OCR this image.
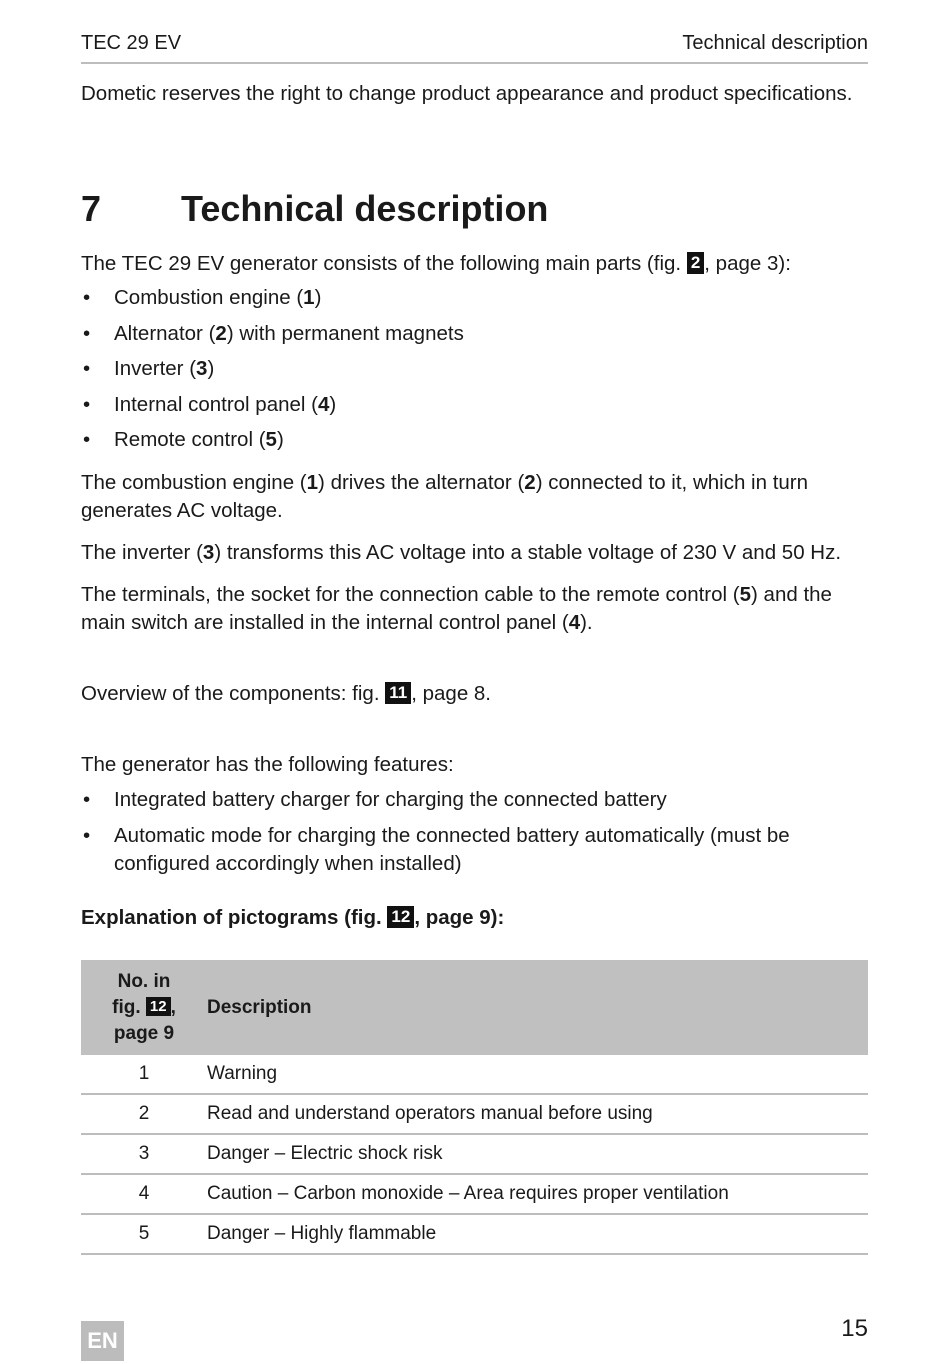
TEC 29 EV	Technical description

Dometic reserves the right to change product appearance and product specifications.

7 Technical description

The TEC 29 EV generator consists of the following main parts (fig. 2 , page 3):

• Combustion engine (1)
• Alternator (2) with permanent magnets
• Inverter (3)
• Internal control panel (4)
• Remote control (5)

The combustion engine (1) drives the alternator (2) connected to it, which in turn generates AC voltage.

The inverter (3) transforms this AC voltage into a stable voltage of 230 V and 50 Hz.

The terminals, the socket for the connection cable to the remote control (5) and the main switch are installed in the internal control panel (4).

Overview of the components: fig. 11 , page 8.

The generator has the following features:

• Integrated battery charger for charging the connected battery
• Automatic mode for charging the connected battery automatically (must be configured accordingly when installed)
Explanation of pictograms (fig. 12 , page 9):
No. in
fig. 12 ,
page 9	Description
1	Warning
2	Read and understand operators manual before using
3	Danger – Electric shock risk
4	Caution – Carbon monoxide – Area requires proper ventilation
5	Danger – Highly flammable
15
EN
